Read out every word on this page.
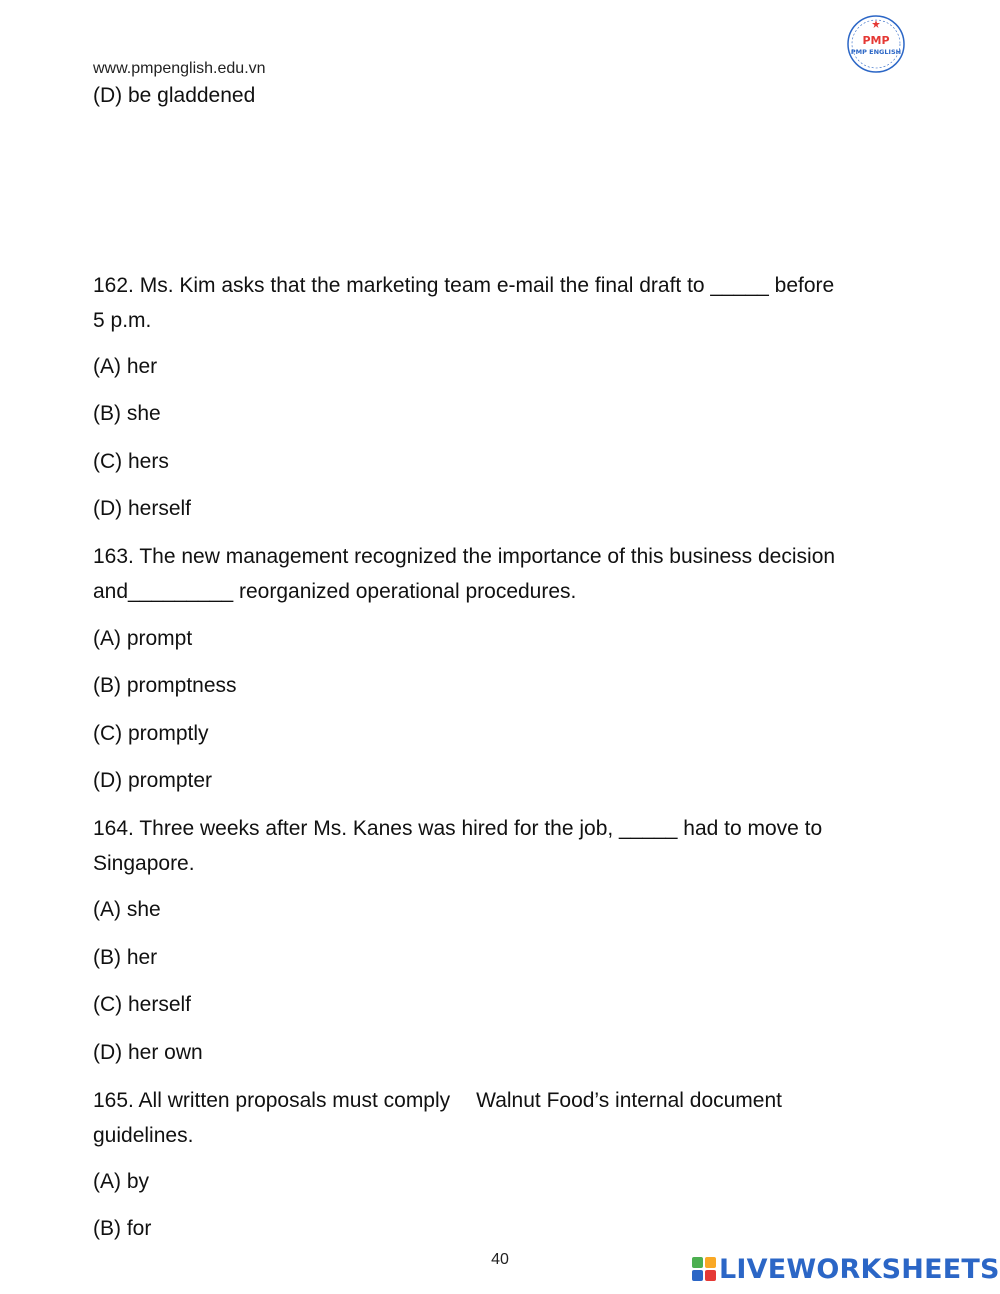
www.pmpenglish.edu.vn
PMP
PMP ENGLISH
(D) be gladdened
162. Ms. Kim asks that the marketing team e-mail the final draft to _____ before
5 p.m.
(A) her
(B) she
(C) hers
(D) herself
163. The new management recognized the importance of this business decision
and_________ reorganized operational procedures.
(A) prompt
(B) promptness
(C) promptly
(D) prompter
164. Three weeks after Ms. Kanes was hired for the job, _____ had to move to
Singapore.
(A) she
(B) her
(C) herself
(D) her own
165. All written proposals must comply Walnut Food’s internal document
guidelines.
(A) by
(B) for
40	LIVEWORKSHEETS
